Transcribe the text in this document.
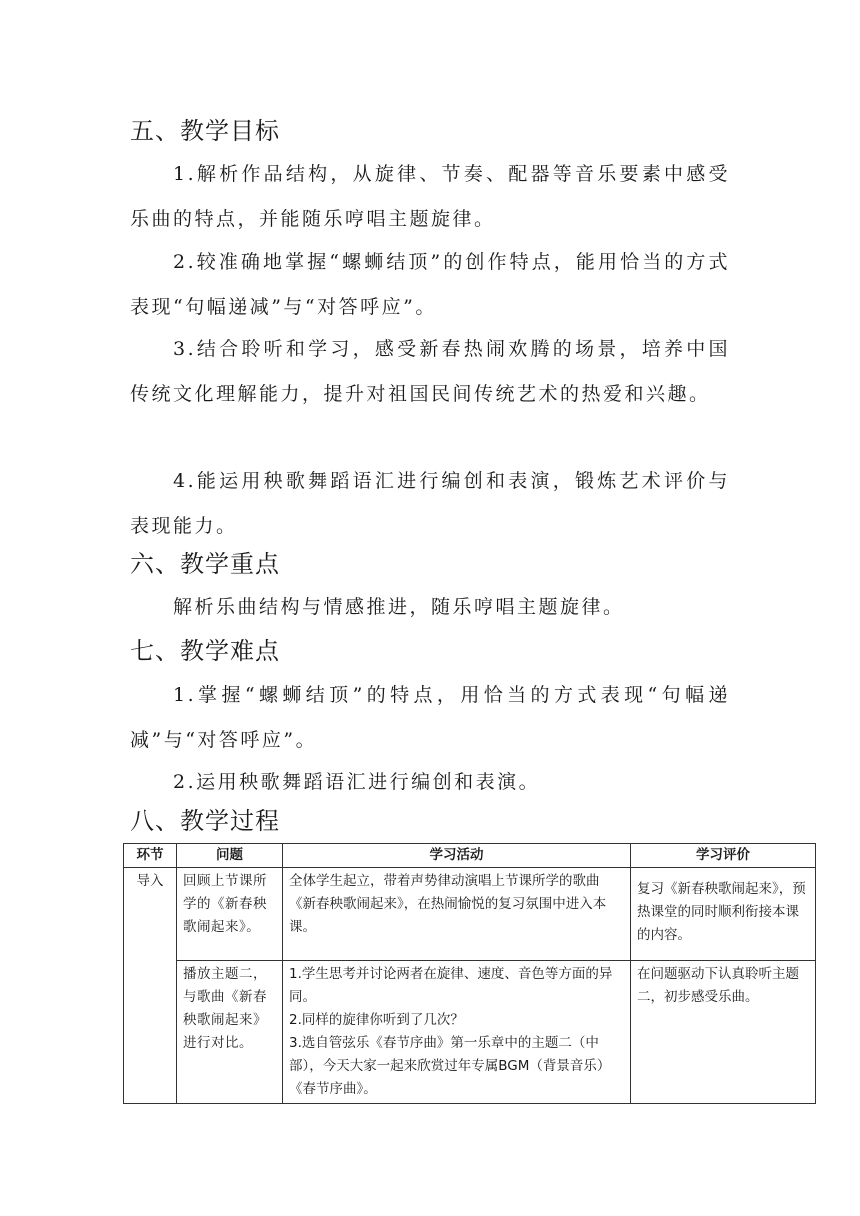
五、教学目标
1.解析作品结构，从旋律、节奏、配器等音乐要素中感受乐曲的特点，并能随乐哼唱主题旋律。
2.较准确地掌握“螺蛳结顶”的创作特点，能用恰当的方式表现“句幅递减”与“对答呼应”。
3.结合聆听和学习，感受新春热闹欢腾的场景，培养中国传统文化理解能力，提升对祖国民间传统艺术的热爱和兴趣。
4.能运用秧歌舞蹈语汇进行编创和表演，锻炼艺术评价与表现能力。
六、教学重点
解析乐曲结构与情感推进，随乐哼唱主题旋律。
七、教学难点
1.掌握“螺蛳结顶”的特点，用恰当的方式表现“句幅递减”与“对答呼应”。
2.运用秧歌舞蹈语汇进行编创和表演。
八、教学过程
环节	问题	学习活动	学习评价
导入	回顾上节课所学的《新春秧歌闹起来》。	全体学生起立，带着声势律动演唱上节课所学的歌曲《新春秧歌闹起来》，在热闹愉悦的复习氛围中进入本课。	复习《新春秧歌闹起来》，预热课堂的同时顺利衔接本课的内容。
	播放主题二，与歌曲《新春秧歌闹起来》进行对比。	1.学生思考并讨论两者在旋律、速度、音色等方面的异同。
2.同样的旋律你听到了几次？
3.选自管弦乐《春节序曲》第一乐章中的主题二（中部），今天大家一起来欣赏过年专属BGM（背景音乐）《春节序曲》。	在问题驱动下认真聆听主题二，初步感受乐曲。
